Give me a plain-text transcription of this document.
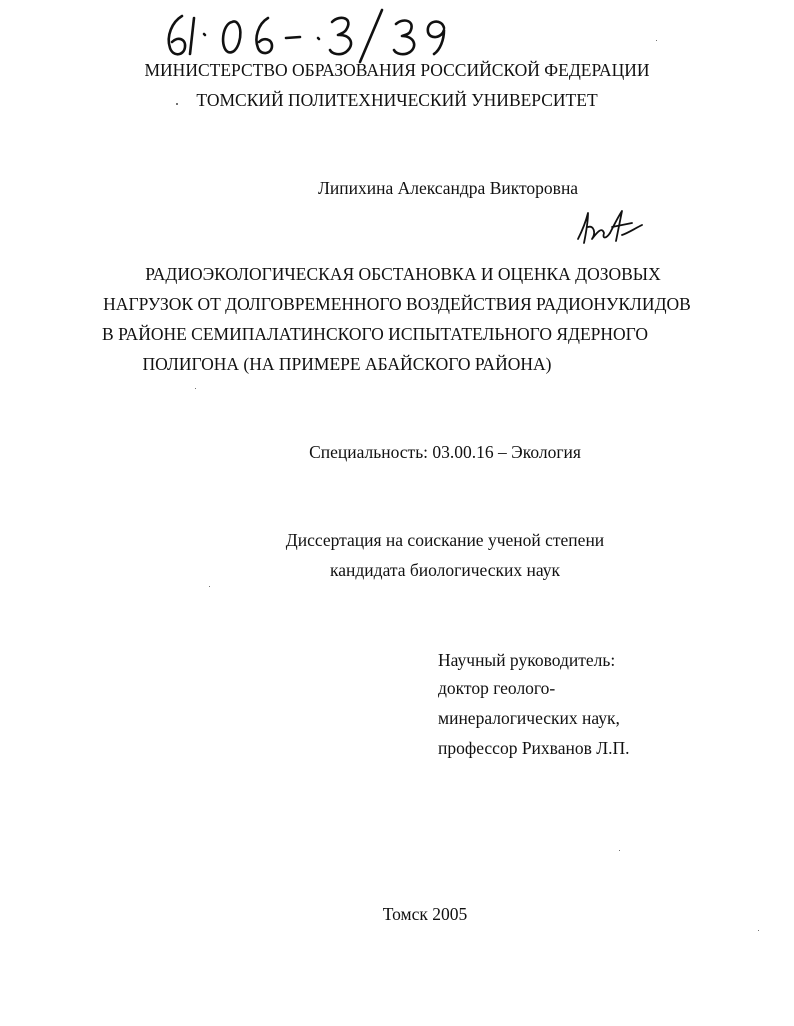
МИНИСТЕРСТВО ОБРАЗОВАНИЯ РОССИЙСКОЙ ФЕДЕРАЦИИ
ТОМСКИЙ ПОЛИТЕХНИЧЕСКИЙ УНИВЕРСИТЕТ
Липихина Александра Викторовна
РАДИОЭКОЛОГИЧЕСКАЯ ОБСТАНОВКА И ОЦЕНКА ДОЗОВЫХ
НАГРУЗОК ОТ ДОЛГОВРЕМЕННОГО ВОЗДЕЙСТВИЯ РАДИОНУКЛИДОВ
В РАЙОНЕ СЕМИПАЛАТИНСКОГО ИСПЫТАТЕЛЬНОГО ЯДЕРНОГО
ПОЛИГОНА (НА ПРИМЕРЕ АБАЙСКОГО РАЙОНА)
Специальность: 03.00.16 – Экология
Диссертация на соискание ученой степени
кандидата биологических наук
Научный руководитель:
доктор геолого-
минералогических наук,
профессор Рихванов Л.П.
Томск 2005
